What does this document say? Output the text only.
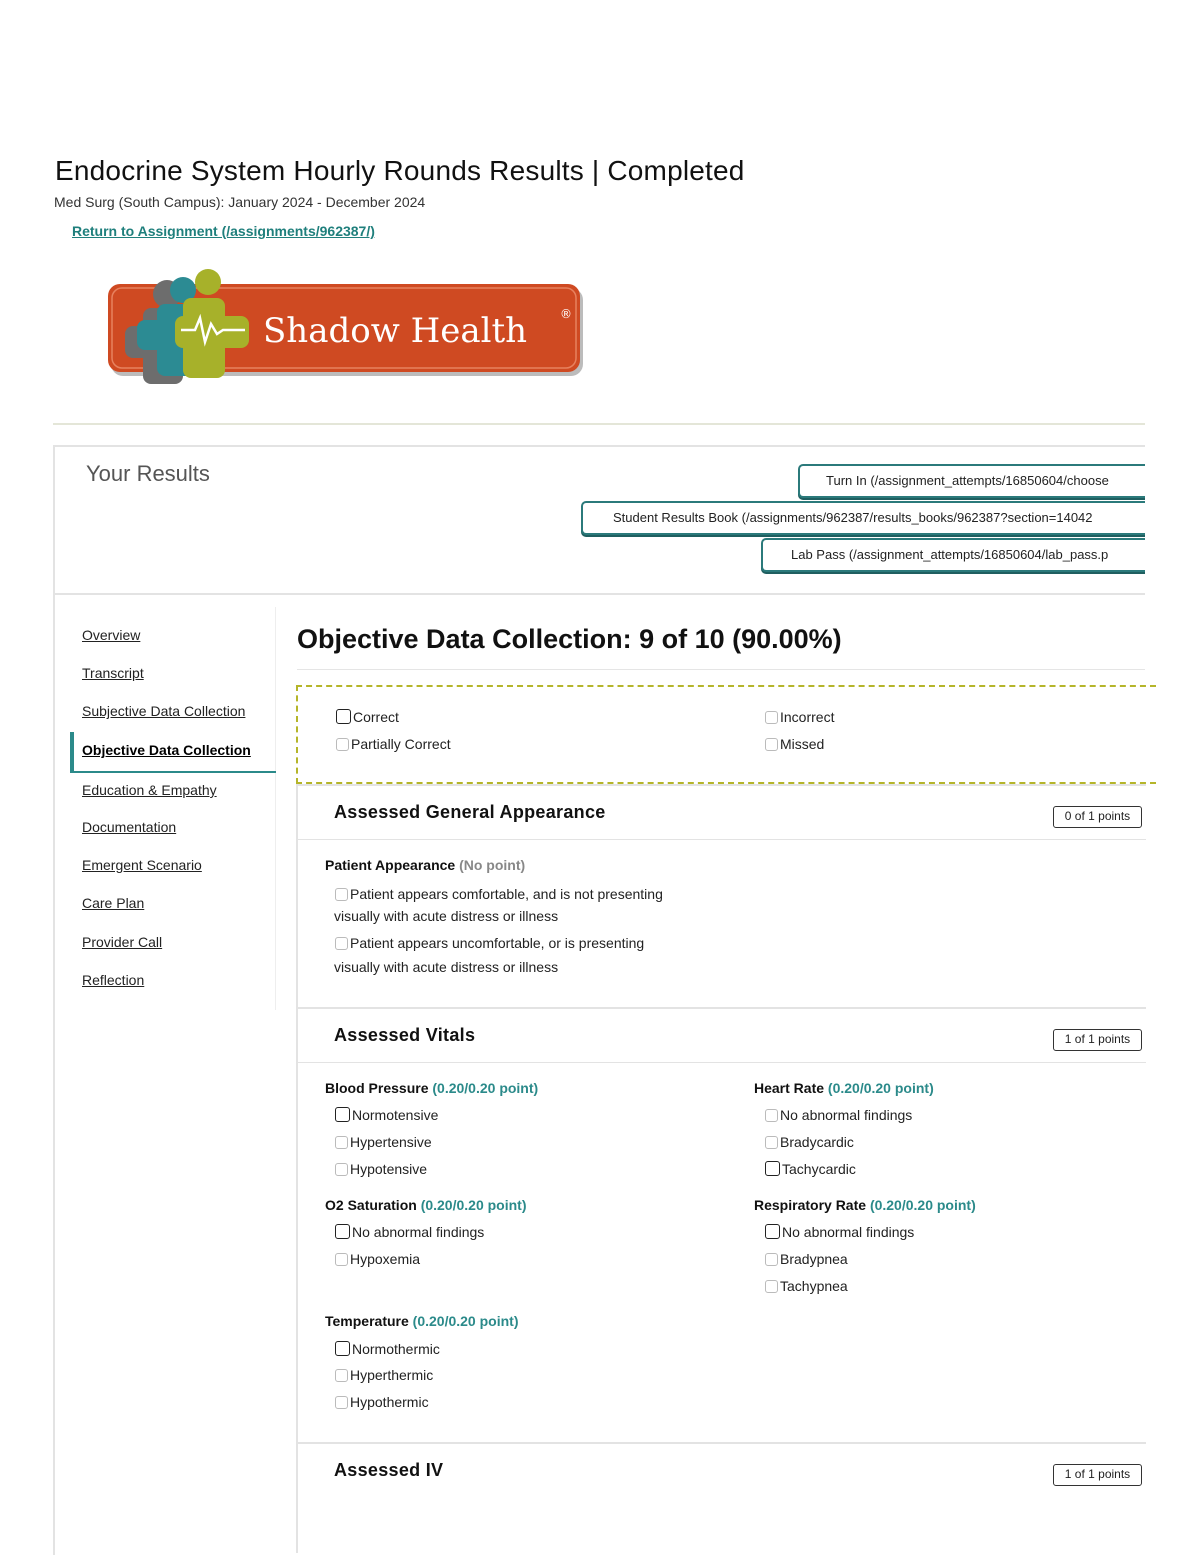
Endocrine System Hourly Rounds Results | Completed
Med Surg (South Campus): January 2024 - December 2024
Return to Assignment (/assignments/962387/)
Shadow Health	®
Your Results	Turn In (/assignment_attempts/16850604/choose
Student Results Book (/assignments/962387/results_books/962387?section=14042
Lab Pass (/assignment_attempts/16850604/lab_pass.p
Overview
Transcript
Subjective Data Collection
Objective Data Collection
Education & Empathy
Documentation
Emergent Scenario
Care Plan
Provider Call
Reflection
Objective Data Collection: 9 of 10 (90.00%)
Correct	Incorrect
Partially Correct	Missed
Assessed General Appearance	0 of 1 points
Patient Appearance (No point)
Patient appears comfortable, and is not presenting
visually with acute distress or illness
Patient appears uncomfortable, or is presenting
visually with acute distress or illness
Assessed Vitals	1 of 1 points
Blood Pressure (0.20/0.20 point)
Normotensive
Hypertensive
Hypotensive
Heart Rate (0.20/0.20 point)
No abnormal findings
Bradycardic
Tachycardic
O2 Saturation (0.20/0.20 point)
No abnormal findings
Hypoxemia
Respiratory Rate (0.20/0.20 point)
No abnormal findings
Bradypnea
Tachypnea
Temperature (0.20/0.20 point)
Normothermic
Hyperthermic
Hypothermic
Assessed IV	1 of 1 points
